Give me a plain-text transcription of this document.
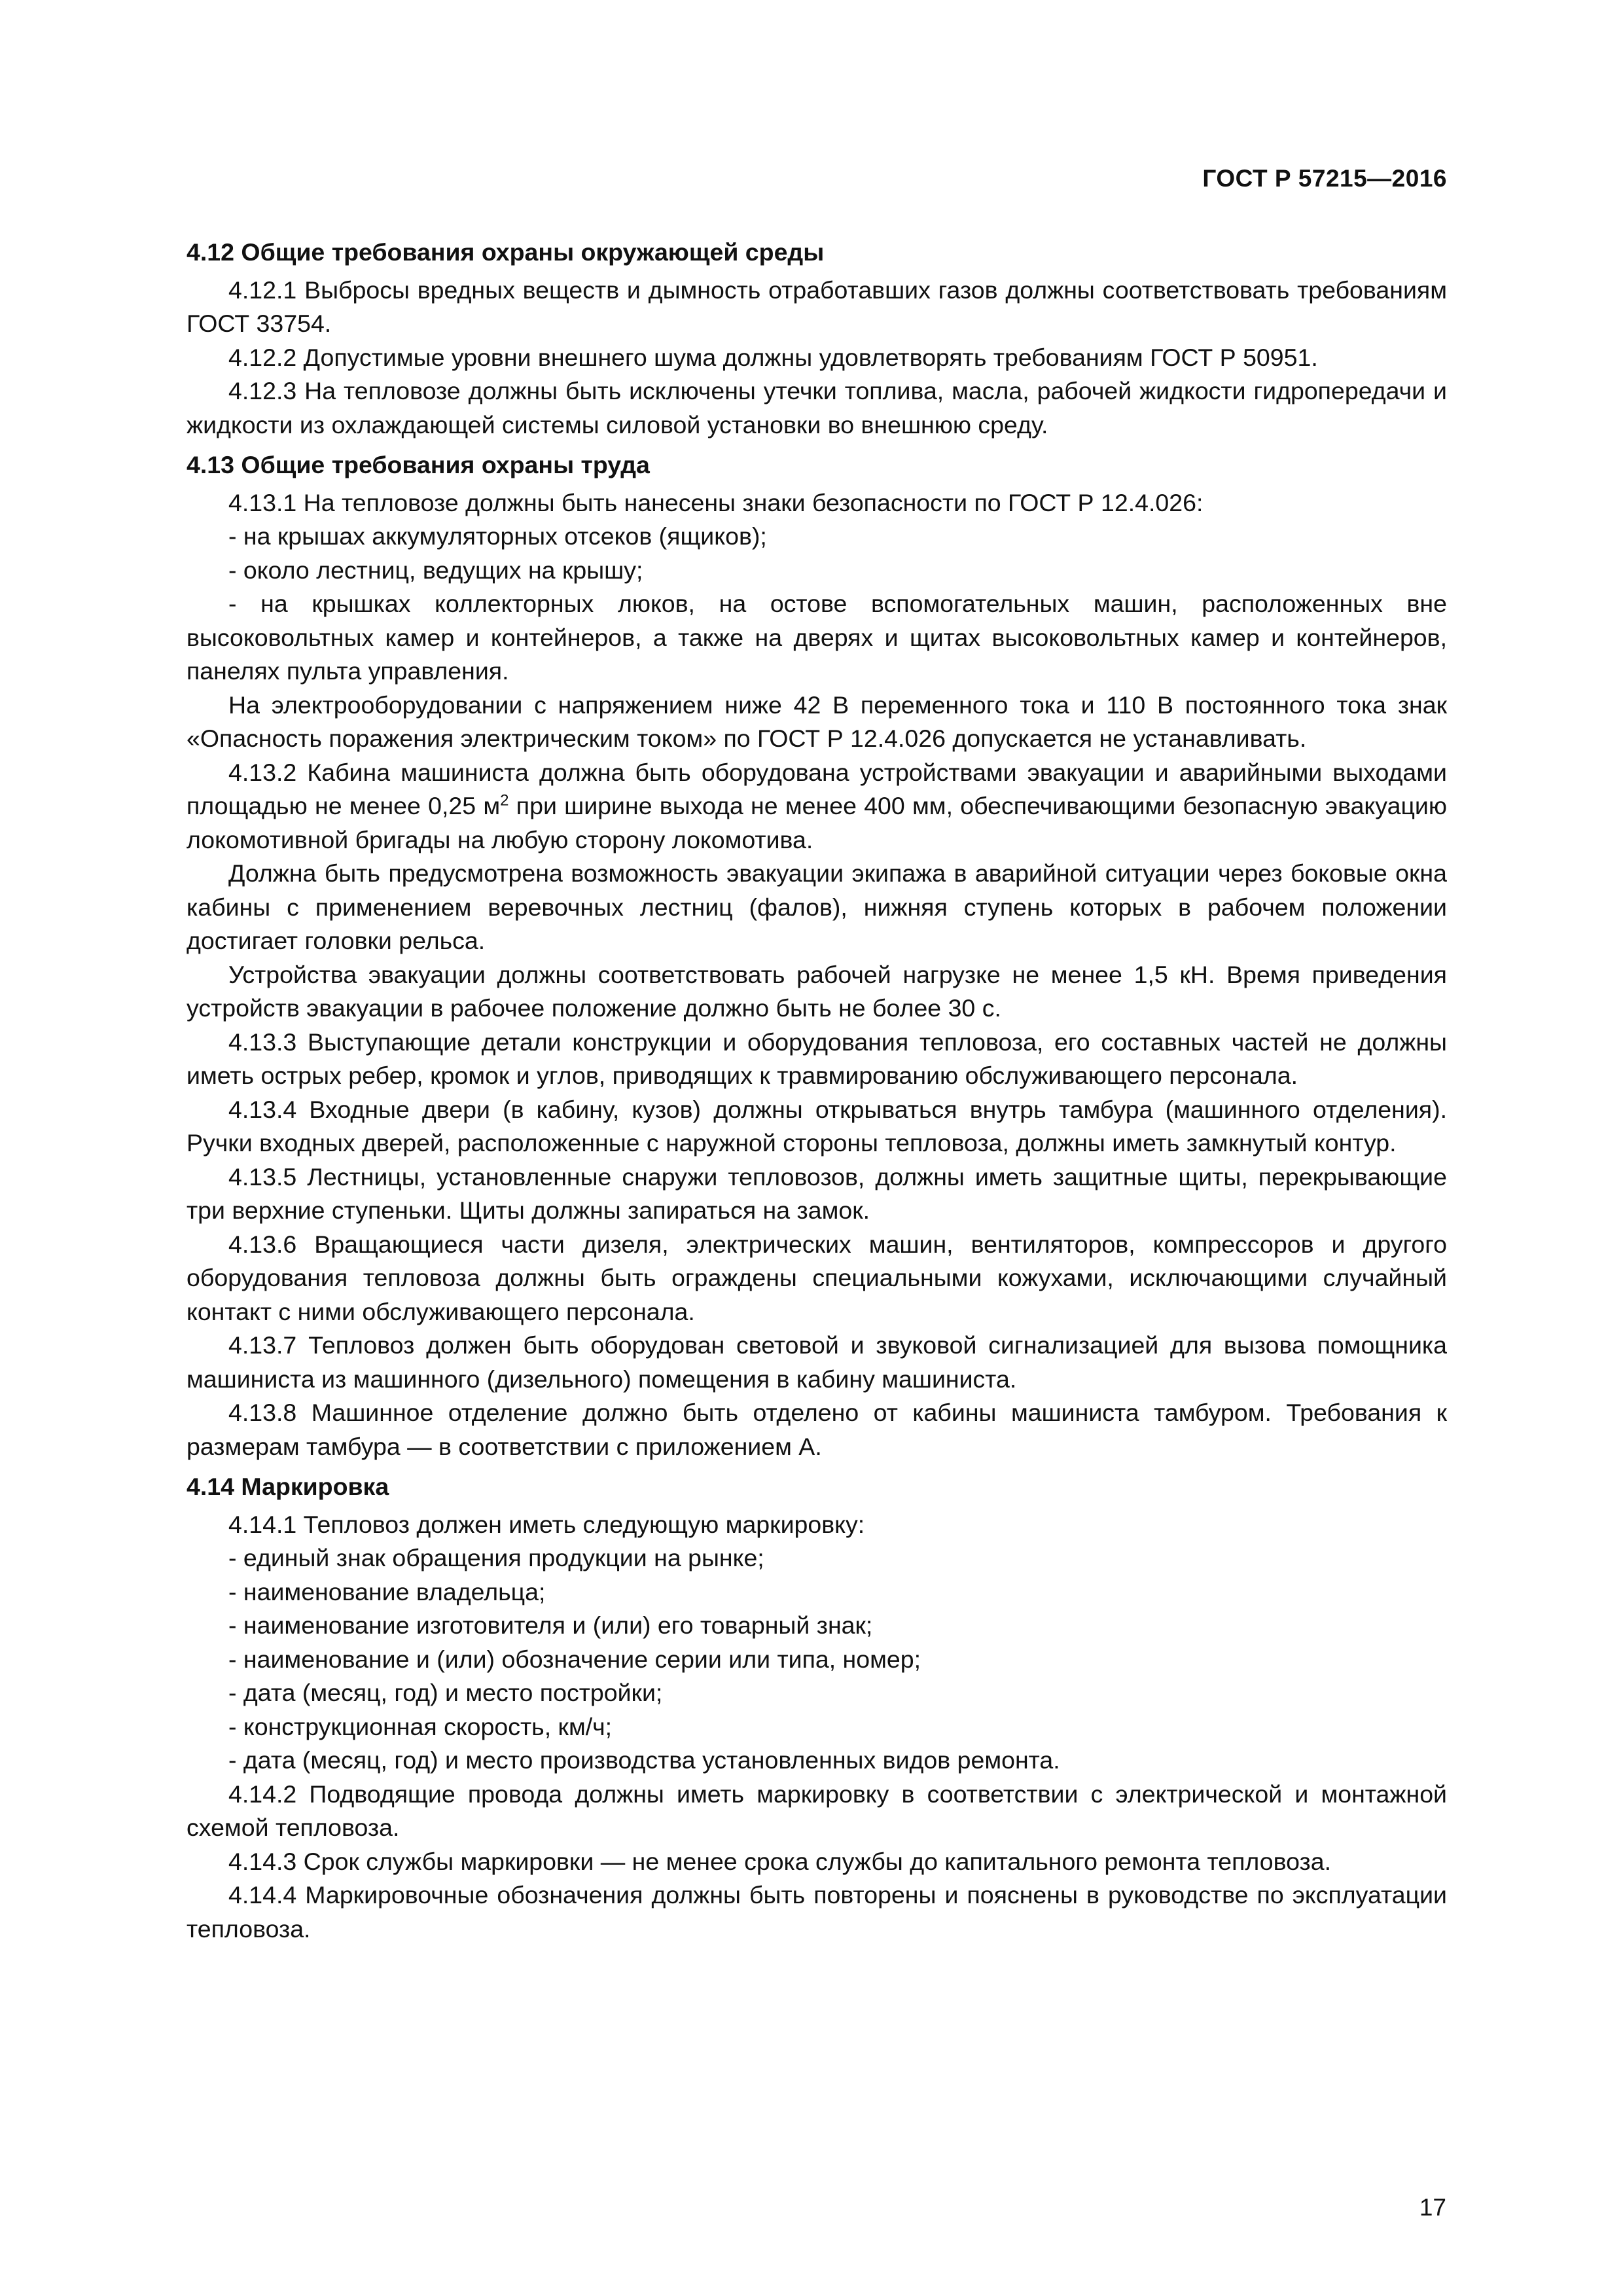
ГОСТ Р 57215—2016
4.12 Общие требования охраны окружающей среды

4.12.1 Выбросы вредных веществ и дымность отработавших газов должны соответствовать требованиям ГОСТ 33754.

4.12.2 Допустимые уровни внешнего шума должны удовлетворять требованиям ГОСТ Р 50951.

4.12.3 На тепловозе должны быть исключены утечки топлива, масла, рабочей жидкости гидропередачи и жидкости из охлаждающей системы силовой установки во внешнюю среду.

4.13 Общие требования охраны труда

4.13.1 На тепловозе должны быть нанесены знаки безопасности по ГОСТ Р 12.4.026:

- на крышах аккумуляторных отсеков (ящиков);

- около лестниц, ведущих на крышу;

- на крышках коллекторных люков, на остове вспомогательных машин, расположенных вне высоковольтных камер и контейнеров, а также на дверях и щитах высоковольтных камер и контейнеров, панелях пульта управления.

На электрооборудовании с напряжением ниже 42 В переменного тока и 110 В постоянного тока знак «Опасность поражения электрическим током» по ГОСТ Р 12.4.026 допускается не устанавливать.

4.13.2 Кабина машиниста должна быть оборудована устройствами эвакуации и аварийными выходами площадью не менее 0,25 $м^2$ при ширине выхода не менее 400 мм, обеспечивающими безопасную эвакуацию локомотивной бригады на любую сторону локомотива.

Должна быть предусмотрена возможность эвакуации экипажа в аварийной ситуации через боковые окна кабины с применением веревочных лестниц (фалов), нижняя ступень которых в рабочем положении достигает головки рельса.

Устройства эвакуации должны соответствовать рабочей нагрузке не менее 1,5 кН. Время приведения устройств эвакуации в рабочее положение должно быть не более 30 с.

4.13.3 Выступающие детали конструкции и оборудования тепловоза, его составных частей не должны иметь острых ребер, кромок и углов, приводящих к травмированию обслуживающего персонала.

4.13.4 Входные двери (в кабину, кузов) должны открываться внутрь тамбура (машинного отделения). Ручки входных дверей, расположенные с наружной стороны тепловоза, должны иметь замкнутый контур.

4.13.5 Лестницы, установленные снаружи тепловозов, должны иметь защитные щиты, перекрывающие три верхние ступеньки. Щиты должны запираться на замок.

4.13.6 Вращающиеся части дизеля, электрических машин, вентиляторов, компрессоров и другого оборудования тепловоза должны быть ограждены специальными кожухами, исключающими случайный контакт с ними обслуживающего персонала.

4.13.7 Тепловоз должен быть оборудован световой и звуковой сигнализацией для вызова помощника машиниста из машинного (дизельного) помещения в кабину машиниста.

4.13.8 Машинное отделение должно быть отделено от кабины машиниста тамбуром. Требования к размерам тамбура — в соответствии с приложением А.

4.14 Маркировка

4.14.1 Тепловоз должен иметь следующую маркировку:

- единый знак обращения продукции на рынке;

- наименование владельца;

- наименование изготовителя и (или) его товарный знак;

- наименование и (или) обозначение серии или типа, номер;

- дата (месяц, год) и место постройки;

- конструкционная скорость, км/ч;

- дата (месяц, год) и место производства установленных видов ремонта.

4.14.2 Подводящие провода должны иметь маркировку в соответствии с электрической и монтажной схемой тепловоза.

4.14.3 Срок службы маркировки — не менее срока службы до капитального ремонта тепловоза.

4.14.4 Маркировочные обозначения должны быть повторены и пояснены в руководстве по эксплуатации тепловоза.

17
